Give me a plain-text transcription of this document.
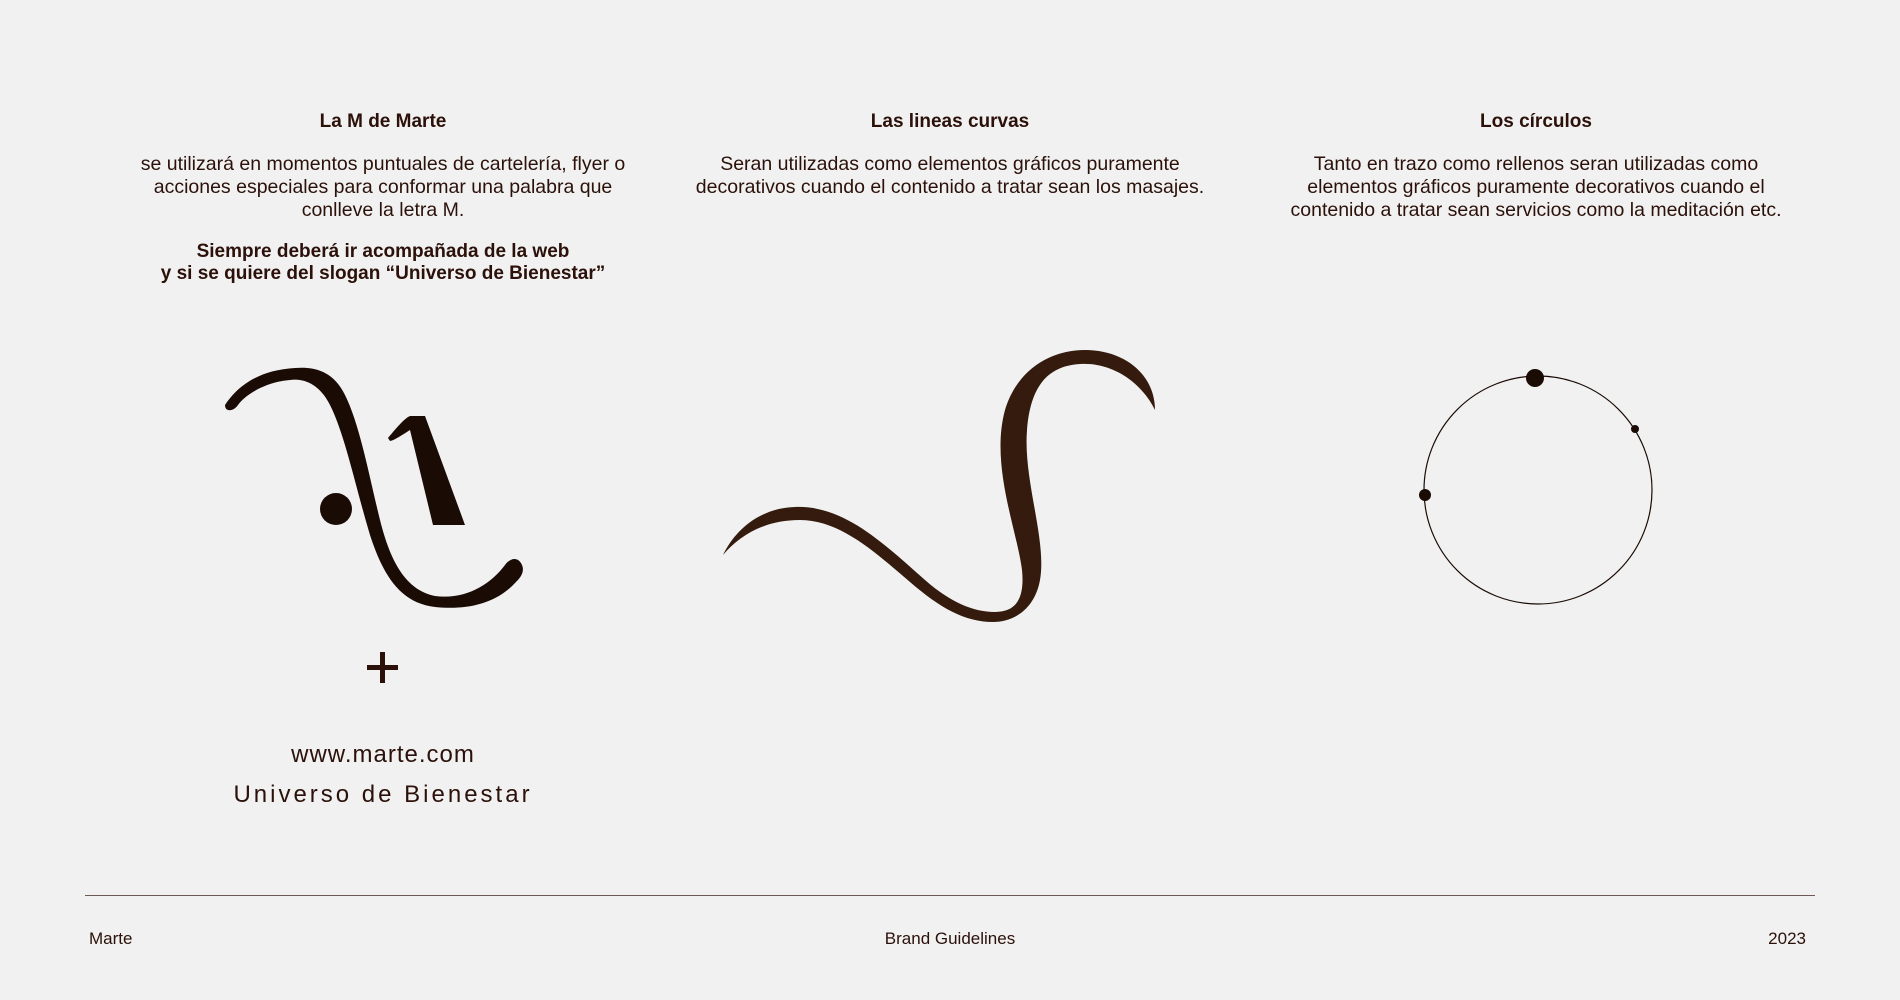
La M de Marte

se utilizará en momentos puntuales de cartelería, flyer o acciones especiales para conformar una palabra que conlleve la letra M.

Siempre deberá ir acompañada de la web
y si se quiere del slogan “Universo de Bienestar”

Las lineas curvas

Seran utilizadas como elementos gráficos puramente decorativos cuando el contenido a tratar sean los masajes.

Los círculos

Tanto en trazo como rellenos seran utilizadas como elementos gráficos puramente decorativos cuando el contenido a tratar sean servicios como la meditación etc.

www.marte.com
Universo de Bienestar
Marte	Brand Guidelines	2023
